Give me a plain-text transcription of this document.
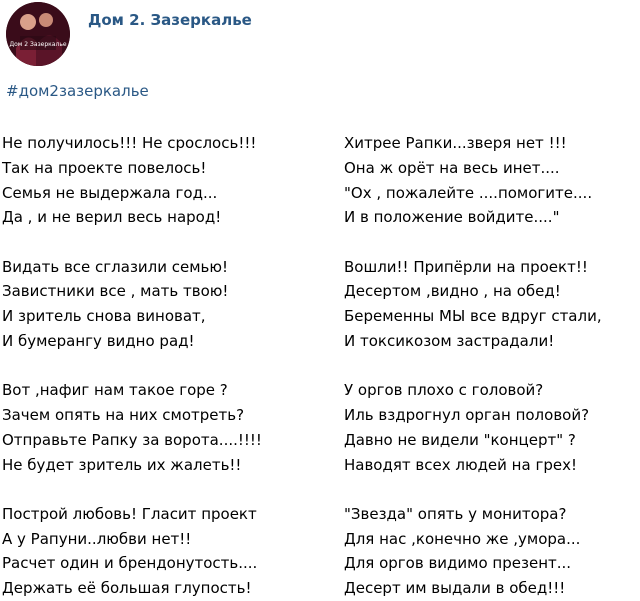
Дом 2 Зазеркалье
Дом 2. Зазеркалье
#дом2зазеркалье
Не получилось!!! Не срослось!!!
Так на проекте повелось!
Семья не выдержала год...
Да , и не верил весь народ!
Видать все сглазили семью!
Завистники все , мать твою!
И зритель снова виноват,
И бумерангу видно рад!
Вот ,нафиг нам такое горе ?
Зачем опять на них смотреть?
Отправьте Рапку за ворота....!!!!
Не будет зритель их жалеть!!
Построй любовь! Гласит проект
А у Рапуни..любви нет!!
Расчет один и брендонутость....
Держать её большая глупость!
Хитрее Рапки...зверя нет !!!
Она ж орёт на весь инет....
"Ох , пожалейте ....помогите....
И в положение войдите...."
Вошли!! Припёрли на проект!!
Десертом ,видно , на обед!
Беременны МЫ все вдруг стали,
И токсикозом застрадали!
У оргов плохо с головой?
Иль вздрогнул орган половой?
Давно не видели "концерт" ?
Наводят всех людей на грех!
"Звезда" опять у монитора?
Для нас ,конечно же ,умора...
Для оргов видимо презент...
Десерт им выдали в обед!!!
